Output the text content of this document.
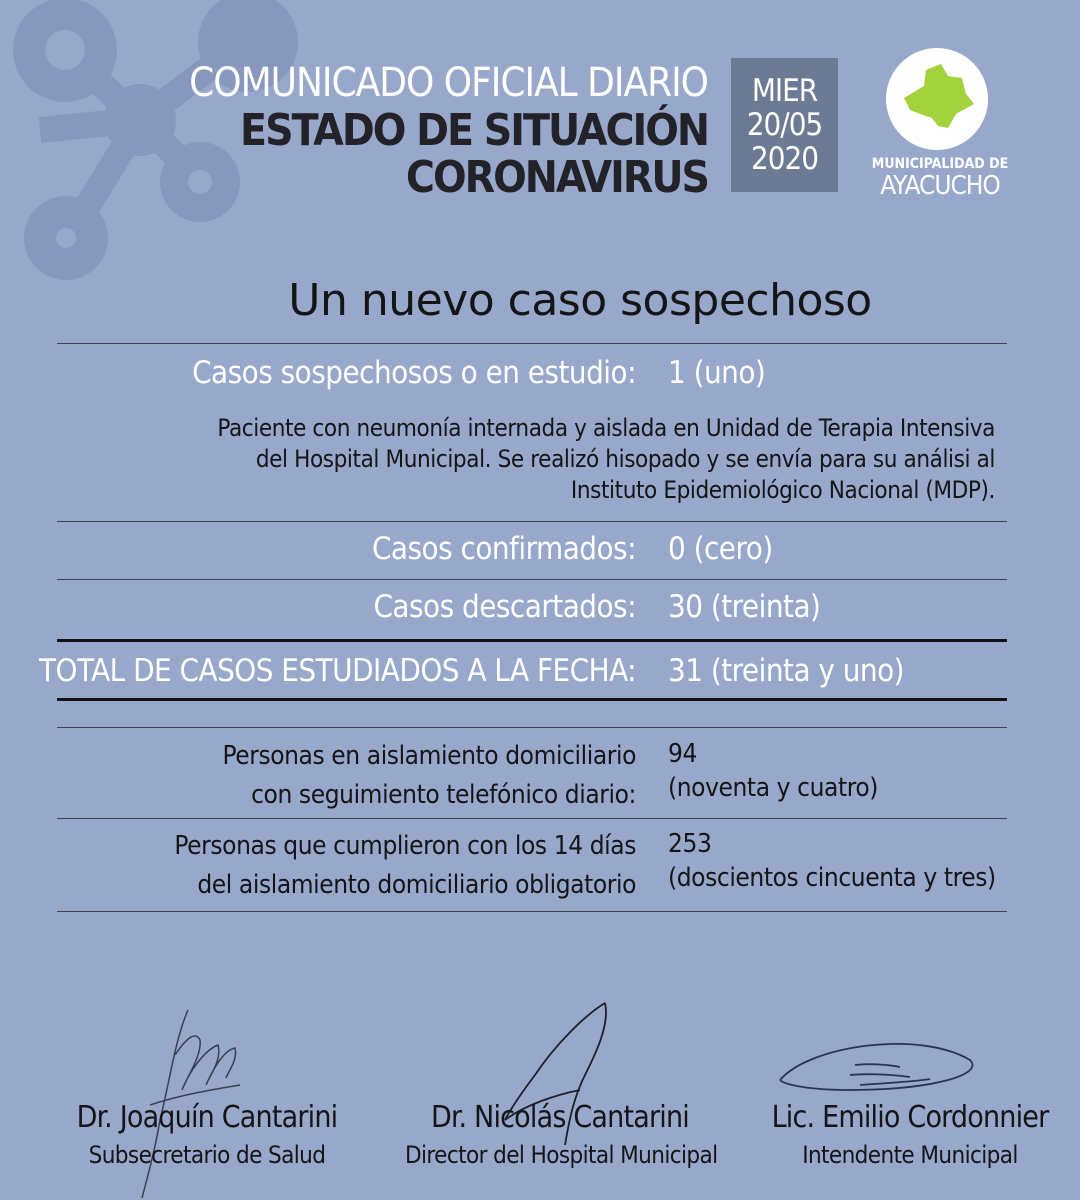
COMUNICADO OFICIAL DIARIO
ESTADO DE SITUACIÓN
CORONAVIRUS
MIER
20/05
2020	MUNICIPALIDAD DE
AYACUCHO
Un nuevo caso sospechoso
Casos sospechosos o en estudio: 1 (uno)
Paciente con neumonía internada y aislada en Unidad de Terapia Intensiva
del Hospital Municipal. Se realizó hisopado y se envía para su análisi al
Instituto Epidemiológico Nacional (MDP).
Casos confirmados: 0 (cero)
Casos descartados: 30 (treinta)
TOTAL DE CASOS ESTUDIADOS A LA FECHA: 31 (treinta y uno)
Personas en aislamiento domiciliario
con seguimiento telefónico diario:
94
(noventa y cuatro)
Personas que cumplieron con los 14 días
del aislamiento domiciliario obligatorio
253
(doscientos cincuenta y tres)
Dr. Joaquín Cantarini
Subsecretario de Salud
Dr. Nicolás Cantarini
Director del Hospital Municipal
Lic. Emilio Cordonnier
Intendente Municipal
